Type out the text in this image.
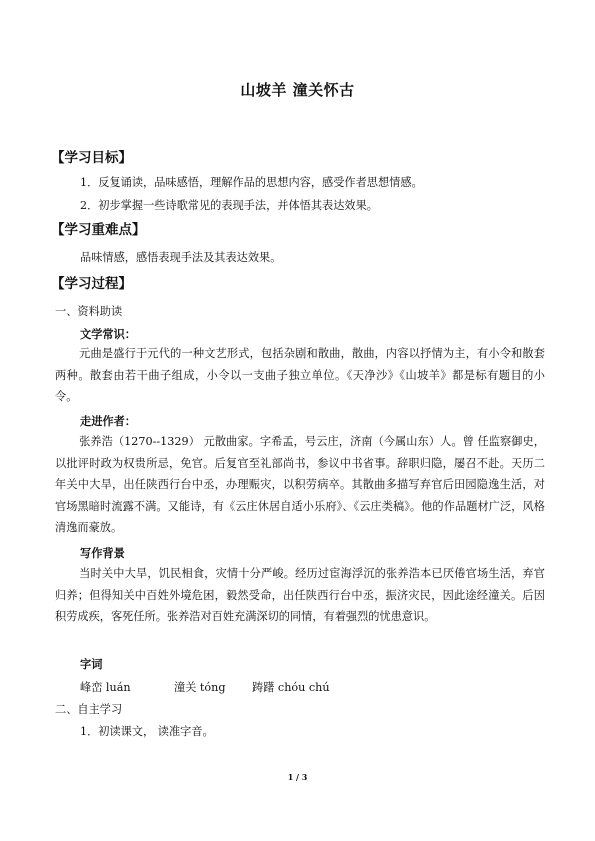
山坡羊 潼关怀古
【学习目标】
1．反复诵读，品味感悟，理解作品的思想内容，感受作者思想情感。
2．初步掌握一些诗歌常见的表现手法，并体悟其表达效果。
【学习重难点】
品味情感，感悟表现手法及其表达效果。
【学习过程】
一、资料助读
文学常识：
元曲是盛行于元代的一种文艺形式，包括杂剧和散曲，散曲，内容以抒情为主，有小令和散套两种。散套由若干曲子组成，小令以一支曲子独立单位。《天净沙》《山坡羊》都是标有题目的小令。
走进作者：
张养浩（1270--1329） 元散曲家。字希孟，号云庄，济南（今属山东）人。曾 任监察御史，以批评时政为权贵所忌，免官。后复官至礼部尚书，参议中书省事。辞职归隐，屡召不赴。天历二年关中大旱，出任陕西行台中丞，办理赈灾，以积劳病卒。其散曲多描写弃官后田园隐逸生活，对官场黑暗时流露不满。又能诗，有《云庄休居自适小乐府》、《云庄类稿》。他的作品题材广泛，风格清逸而豪放。
写作背景
当时关中大旱，饥民相食，灾情十分严峻。经历过宦海浮沉的张养浩本已厌倦官场生活，弃官归养；但得知关中百姓外境危困，毅然受命，出任陕西行台中丞，振济灾民，因此途经潼关。后因积劳成疾，客死任所。张养浩对百姓充满深切的同情，有着强烈的忧患意识。
字词
峰峦 luán	潼关 tóng 踌躇 chóu chú
二、自主学习
1．初读课文， 读准字音。
1 / 3
